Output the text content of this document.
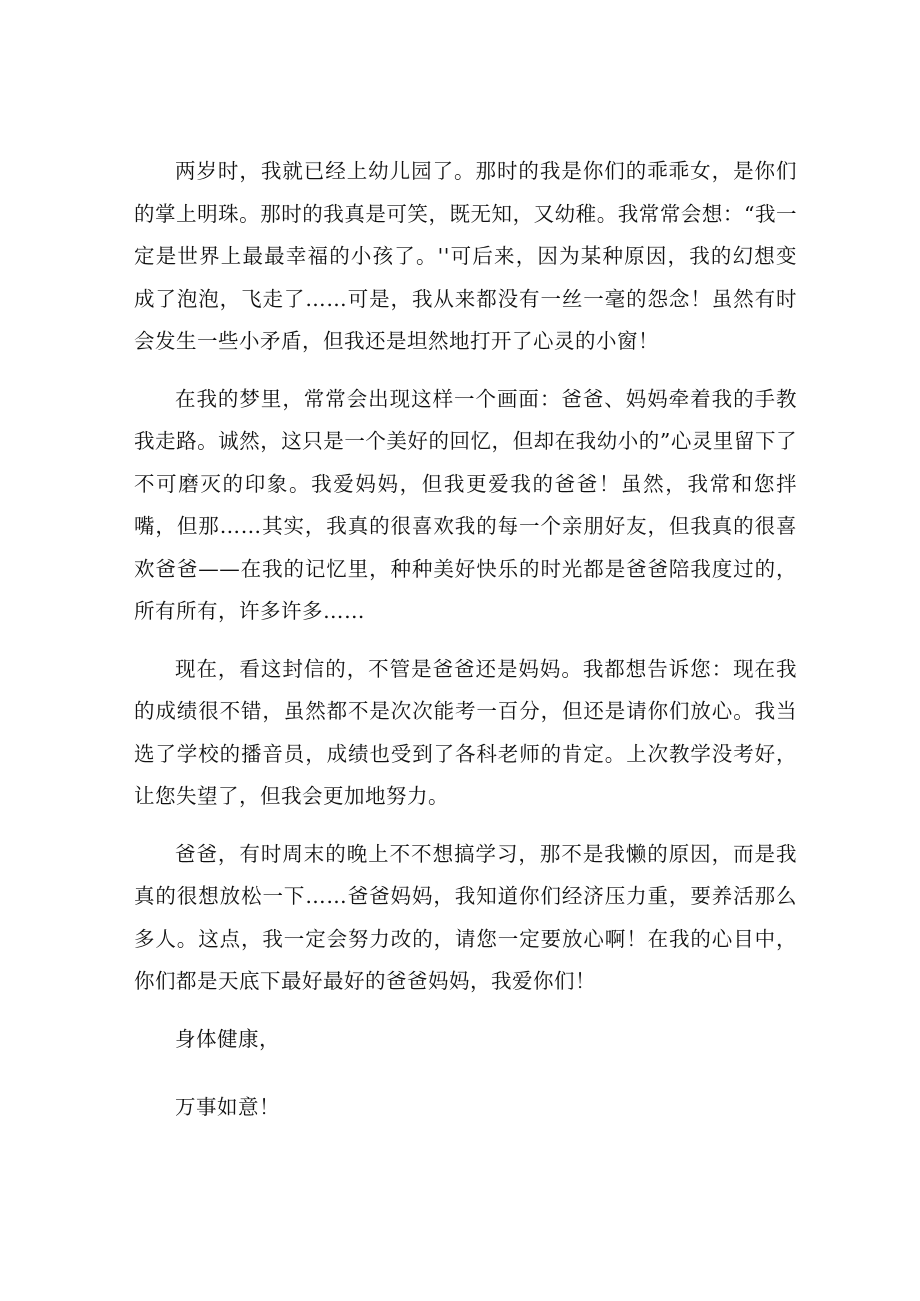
两岁时，我就已经上幼儿园了。那时的我是你们的乖乖女，是你们的掌上明珠。那时的我真是可笑，既无知，又幼稚。我常常会想：“我一定是世界上最最幸福的小孩了。''可后来，因为某种原因，我的幻想变成了泡泡，飞走了……可是，我从来都没有一丝一毫的怨念！虽然有时会发生一些小矛盾，但我还是坦然地打开了心灵的小窗！

在我的梦里，常常会出现这样一个画面：爸爸、妈妈牵着我的手教我走路。诚然，这只是一个美好的回忆，但却在我幼小的”心灵里留下了不可磨灭的印象。我爱妈妈，但我更爱我的爸爸！虽然，我常和您拌嘴，但那……其实，我真的很喜欢我的每一个亲朋好友，但我真的很喜欢爸爸——在我的记忆里，种种美好快乐的时光都是爸爸陪我度过的，所有所有，许多许多……

现在，看这封信的，不管是爸爸还是妈妈。我都想告诉您：现在我的成绩很不错，虽然都不是次次能考一百分，但还是请你们放心。我当选了学校的播音员，成绩也受到了各科老师的肯定。上次教学没考好，让您失望了，但我会更加地努力。

爸爸，有时周末的晚上不不想搞学习，那不是我懒的原因，而是我真的很想放松一下……爸爸妈妈，我知道你们经济压力重，要养活那么多人。这点，我一定会努力改的，请您一定要放心啊！在我的心目中，你们都是天底下最好最好的爸爸妈妈，我爱你们！

身体健康，

万事如意！
